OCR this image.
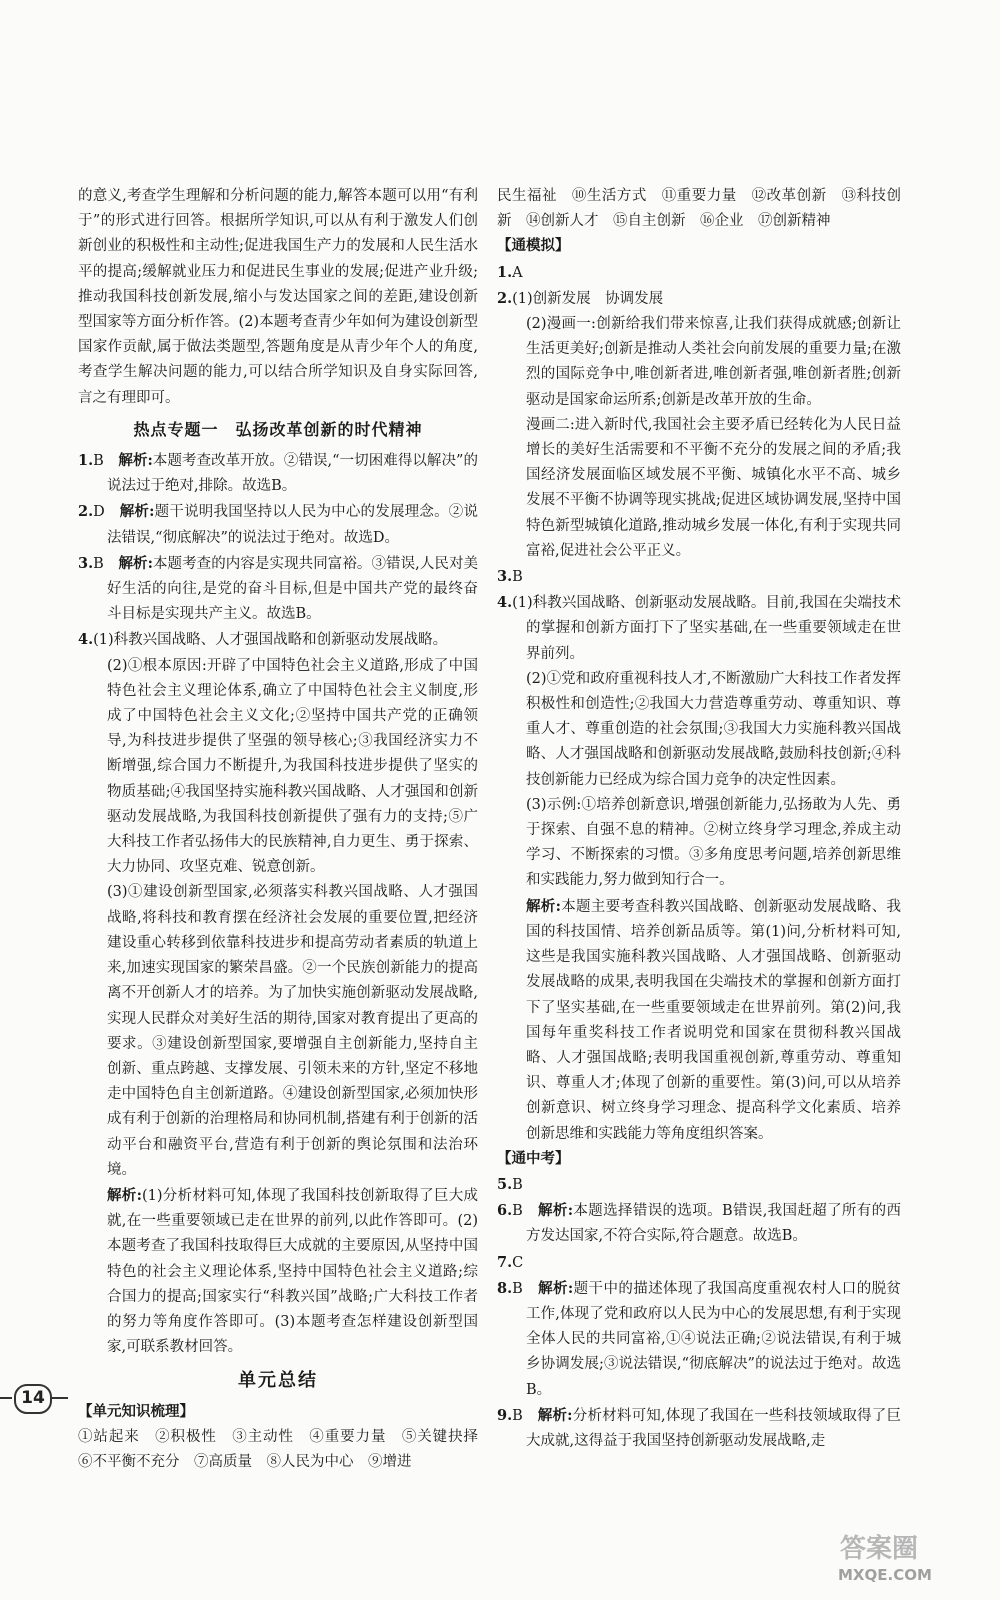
的意义,考查学生理解和分析问题的能力,解答本题可以用“有利于”的形式进行回答。根据所学知识,可以从有利于激发人们创新创业的积极性和主动性;促进我国生产力的发展和人民生活水平的提高;缓解就业压力和促进民生事业的发展;促进产业升级;推动我国科技创新发展,缩小与发达国家之间的差距,建设创新型国家等方面分析作答。(2)本题考查青少年如何为建设创新型国家作贡献,属于做法类题型,答题角度是从青少年个人的角度,考查学生解决问题的能力,可以结合所学知识及自身实际回答,言之有理即可。

热点专题一　弘扬改革创新的时代精神

1.B　 解析:本题考查改革开放。②错误,“一切困难得以解决”的说法过于绝对,排除。故选B。

2.D　 解析:题干说明我国坚持以人民为中心的发展理念。②说法错误,“彻底解决”的说法过于绝对。故选D。

3.B　 解析:本题考查的内容是实现共同富裕。③错误,人民对美好生活的向往,是党的奋斗目标,但是中国共产党的最终奋斗目标是实现共产主义。故选B。

4.(1)科教兴国战略、人才强国战略和创新驱动发展战略。

(2)①根本原因:开辟了中国特色社会主义道路,形成了中国特色社会主义理论体系,确立了中国特色社会主义制度,形成了中国特色社会主义文化;②坚持中国共产党的正确领导,为科技进步提供了坚强的领导核心;③我国经济实力不断增强,综合国力不断提升,为我国科技进步提供了坚实的物质基础;④我国坚持实施科教兴国战略、人才强国和创新驱动发展战略,为我国科技创新提供了强有力的支持;⑤广大科技工作者弘扬伟大的民族精神,自力更生、勇于探索、大力协同、攻坚克难、锐意创新。

(3)①建设创新型国家,必须落实科教兴国战略、人才强国战略,将科技和教育摆在经济社会发展的重要位置,把经济建设重心转移到依靠科技进步和提高劳动者素质的轨道上来,加速实现国家的繁荣昌盛。②一个民族创新能力的提高离不开创新人才的培养。为了加快实施创新驱动发展战略,实现人民群众对美好生活的期待,国家对教育提出了更高的要求。③建设创新型国家,要增强自主创新能力,坚持自主创新、重点跨越、支撑发展、引领未来的方针,坚定不移地走中国特色自主创新道路。④建设创新型国家,必须加快形成有利于创新的治理格局和协同机制,搭建有利于创新的活动平台和融资平台,营造有利于创新的舆论氛围和法治环境。

解析:(1)分析材料可知,体现了我国科技创新取得了巨大成就,在一些重要领域已走在世界的前列,以此作答即可。(2)本题考查了我国科技取得巨大成就的主要原因,从坚持中国特色的社会主义理论体系,坚持中国特色社会主义道路;综合国力的提高;国家实行“科教兴国”战略;广大科技工作者的努力等角度作答即可。(3)本题考查怎样建设创新型国家,可联系教材回答。

单元总结

【单元知识梳理】

①站起来　②积极性　③主动性　④重要力量　⑤关键抉择　⑥不平衡不充分　⑦高质量　⑧人民为中心　⑨增进

民生福祉　⑩生活方式　⑪重要力量　⑫改革创新　⑬科技创新　⑭创新人才　⑮自主创新　⑯企业　⑰创新精神

【通模拟】

1.A

2.(1)创新发展　协调发展

(2)漫画一:创新给我们带来惊喜,让我们获得成就感;创新让生活更美好;创新是推动人类社会向前发展的重要力量;在激烈的国际竞争中,唯创新者进,唯创新者强,唯创新者胜;创新驱动是国家命运所系;创新是改革开放的生命。

漫画二:进入新时代,我国社会主要矛盾已经转化为人民日益增长的美好生活需要和不平衡不充分的发展之间的矛盾;我国经济发展面临区域发展不平衡、城镇化水平不高、城乡发展不平衡不协调等现实挑战;促进区域协调发展,坚持中国特色新型城镇化道路,推动城乡发展一体化,有利于实现共同富裕,促进社会公平正义。

3.B

4.(1)科教兴国战略、创新驱动发展战略。目前,我国在尖端技术的掌握和创新方面打下了坚实基础,在一些重要领域走在世界前列。

(2)①党和政府重视科技人才,不断激励广大科技工作者发挥积极性和创造性;②我国大力营造尊重劳动、尊重知识、尊重人才、尊重创造的社会氛围;③我国大力实施科教兴国战略、人才强国战略和创新驱动发展战略,鼓励科技创新;④科技创新能力已经成为综合国力竞争的决定性因素。

(3)示例:①培养创新意识,增强创新能力,弘扬敢为人先、勇于探索、自强不息的精神。②树立终身学习理念,养成主动学习、不断探索的习惯。③多角度思考问题,培养创新思维和实践能力,努力做到知行合一。

解析:本题主要考查科教兴国战略、创新驱动发展战略、我国的科技国情、培养创新品质等。第(1)问,分析材料可知,这些是我国实施科教兴国战略、人才强国战略、创新驱动发展战略的成果,表明我国在尖端技术的掌握和创新方面打下了坚实基础,在一些重要领域走在世界前列。第(2)问,我国每年重奖科技工作者说明党和国家在贯彻科教兴国战略、人才强国战略;表明我国重视创新,尊重劳动、尊重知识、尊重人才;体现了创新的重要性。第(3)问,可以从培养创新意识、树立终身学习理念、提高科学文化素质、培养创新思维和实践能力等角度组织答案。

【通中考】

5.B

6.B　 解析:本题选择错误的选项。B错误,我国赶超了所有的西方发达国家,不符合实际,符合题意。故选B。

7.C

8.B　 解析:题干中的描述体现了我国高度重视农村人口的脱贫工作,体现了党和政府以人民为中心的发展思想,有利于实现全体人民的共同富裕,①④说法正确;②说法错误,有利于城乡协调发展;③说法错误,“彻底解决”的说法过于绝对。故选B。

9.B　 解析:分析材料可知,体现了我国在一些科技领域取得了巨大成就,这得益于我国坚持创新驱动发展战略,走

14
答案圈
MXQE.COM
